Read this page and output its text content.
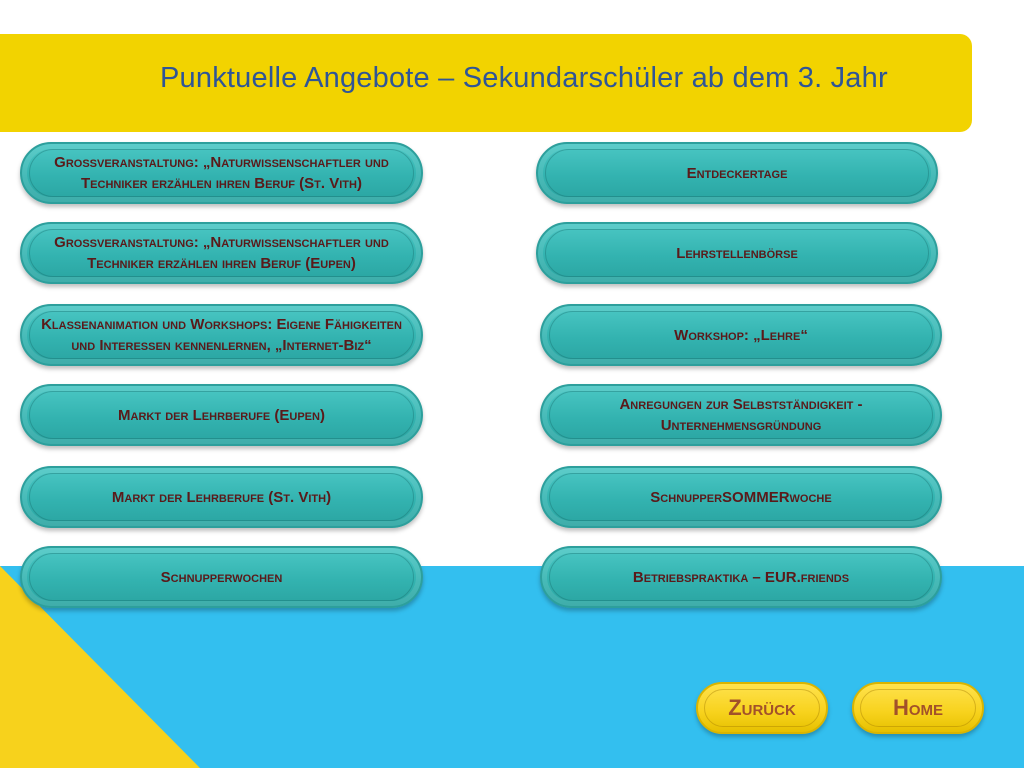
Punktuelle Angebote – Sekundarschüler ab dem 3. Jahr
Großveranstaltung: „Naturwissenschaftler und Techniker erzählen ihren Beruf (St. Vith)
Großveranstaltung: „Naturwissenschaftler und Techniker erzählen ihren Beruf (Eupen)
Klassenanimation und Workshops: Eigene Fähigkeiten und Interessen kennenlernen, „Internet-Biz“
Markt der Lehrberufe (Eupen)
Markt der Lehrberufe (St. Vith)
Schnupperwochen
Entdeckertage
Lehrstellenbörse
Workshop: „Lehre“
Anregungen zur Selbstständigkeit - Unternehmensgründung
SchnupperSOMMERwoche
Betriebspraktika – EUR.friends
Zurück	Home
